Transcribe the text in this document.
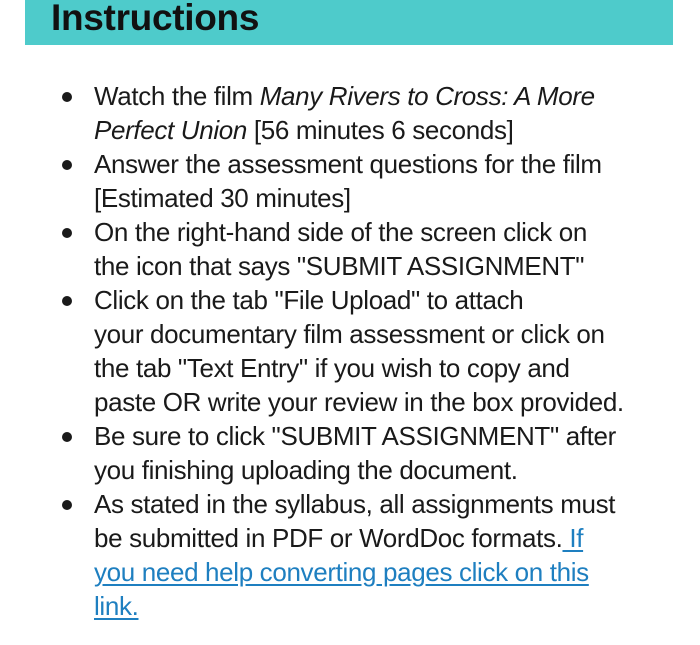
Instructions
Watch the film Many Rivers to Cross: A More
Perfect Union [56 minutes 6 seconds]
Answer the assessment questions for the film
[Estimated 30 minutes]
On the right-hand side of the screen click on
the icon that says "SUBMIT ASSIGNMENT"
Click on the tab "File Upload" to attach
your documentary film assessment or click on
the tab "Text Entry" if you wish to copy and
paste OR write your review in the box provided.
Be sure to click "SUBMIT ASSIGNMENT" after
you finishing uploading the document.
As stated in the syllabus, all assignments must
be submitted in PDF or WordDoc formats. If
you need help converting pages click on this
link.
